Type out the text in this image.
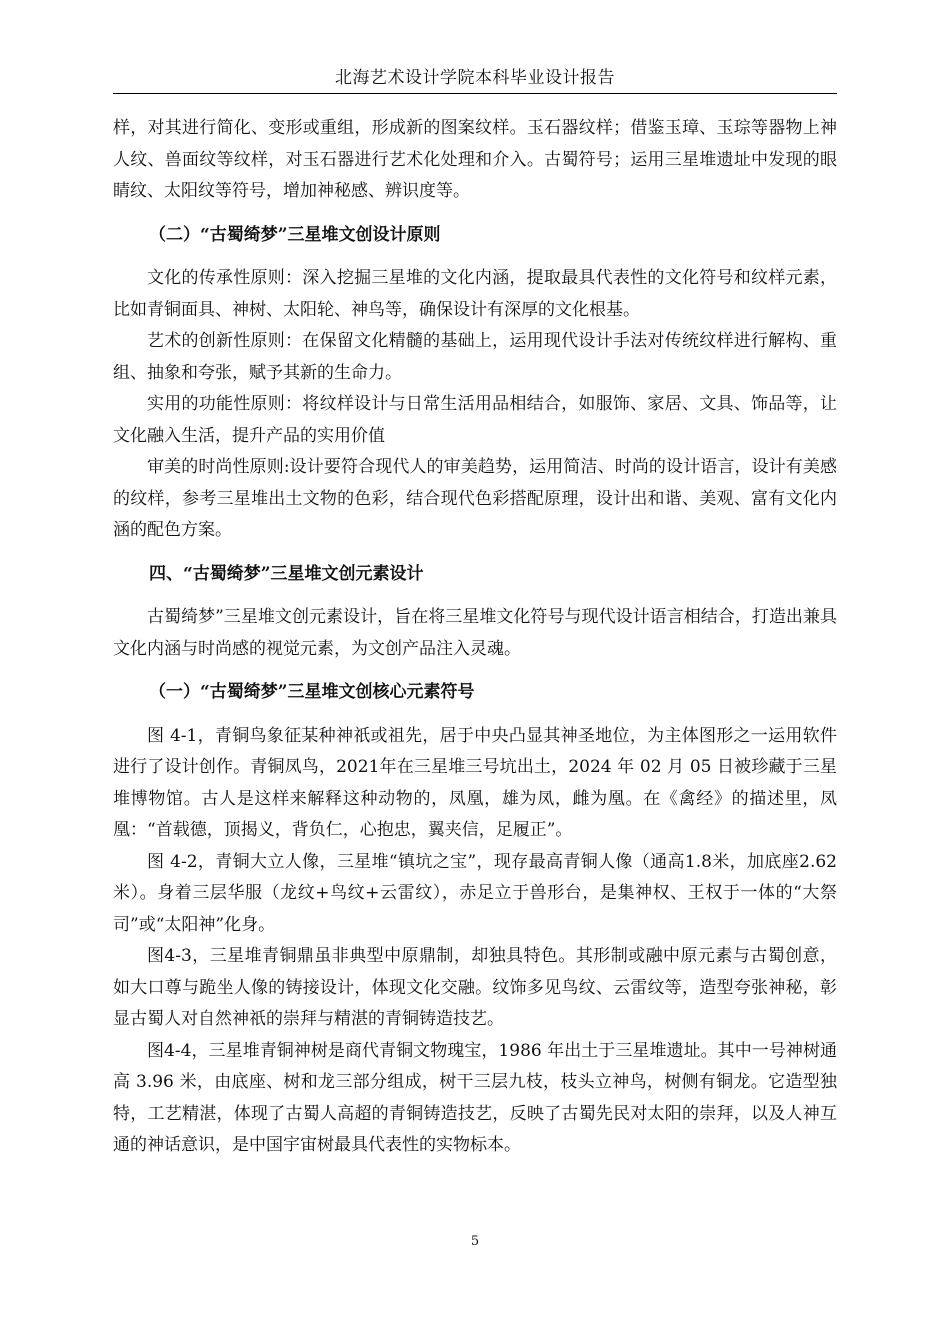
北海艺术设计学院本科毕业设计报告

样，对其进行简化、变形或重组，形成新的图案纹样。玉石器纹样；借鉴玉璋、玉琮等器物上神人纹、兽面纹等纹样，对玉石器进行艺术化处理和介入。古蜀符号；运用三星堆遗址中发现的眼睛纹、太阳纹等符号，增加神秘感、辨识度等。

（二）“古蜀绮梦”三星堆文创设计原则

文化的传承性原则：深入挖掘三星堆的文化内涵，提取最具代表性的文化符号和纹样元素，比如青铜面具、神树、太阳轮、神鸟等，确保设计有深厚的文化根基。

艺术的创新性原则：在保留文化精髓的基础上，运用现代设计手法对传统纹样进行解构、重组、抽象和夸张，赋予其新的生命力。

实用的功能性原则：将纹样设计与日常生活用品相结合，如服饰、家居、文具、饰品等，让文化融入生活，提升产品的实用价值

审美的时尚性原则:设计要符合现代人的审美趋势，运用简洁、时尚的设计语言，设计有美感的纹样，参考三星堆出土文物的色彩，结合现代色彩搭配原理，设计出和谐、美观、富有文化内涵的配色方案。

四、“古蜀绮梦”三星堆文创元素设计

古蜀绮梦”三星堆文创元素设计，旨在将三星堆文化符号与现代设计语言相结合，打造出兼具文化内涵与时尚感的视觉元素，为文创产品注入灵魂。

（一）“古蜀绮梦”三星堆文创核心元素符号

图 4-1，青铜鸟象征某种神祇或祖先，居于中央凸显其神圣地位，为主体图形之一运用软件进行了设计创作。青铜凤鸟，2021年在三星堆三号坑出土，2024 年 02 月 05 日被珍藏于三星堆博物馆。古人是这样来解释这种动物的，凤凰，雄为凤，雌为凰。在《禽经》的描述里，凤凰：“首载德，顶揭义，背负仁，心抱忠，翼夹信，足履正”。

图 4-2，青铜大立人像，三星堆“镇坑之宝”，现存最高青铜人像（通高1.8米，加底座2.62米）。身着三层华服（龙纹+鸟纹+云雷纹），赤足立于兽形台，是集神权、王权于一体的“大祭司”或“太阳神”化身。

图4-3，三星堆青铜鼎虽非典型中原鼎制，却独具特色。其形制或融中原元素与古蜀创意，如大口尊与跪坐人像的铸接设计，体现文化交融。纹饰多见鸟纹、云雷纹等，造型夸张神秘，彰显古蜀人对自然神祇的崇拜与精湛的青铜铸造技艺。

图4-4，三星堆青铜神树是商代青铜文物瑰宝，1986 年出土于三星堆遗址。其中一号神树通高 3.96 米，由底座、树和龙三部分组成，树干三层九枝，枝头立神鸟，树侧有铜龙。它造型独特，工艺精湛，体现了古蜀人高超的青铜铸造技艺，反映了古蜀先民对太阳的崇拜，以及人神互通的神话意识，是中国宇宙树最具代表性的实物标本。

5
